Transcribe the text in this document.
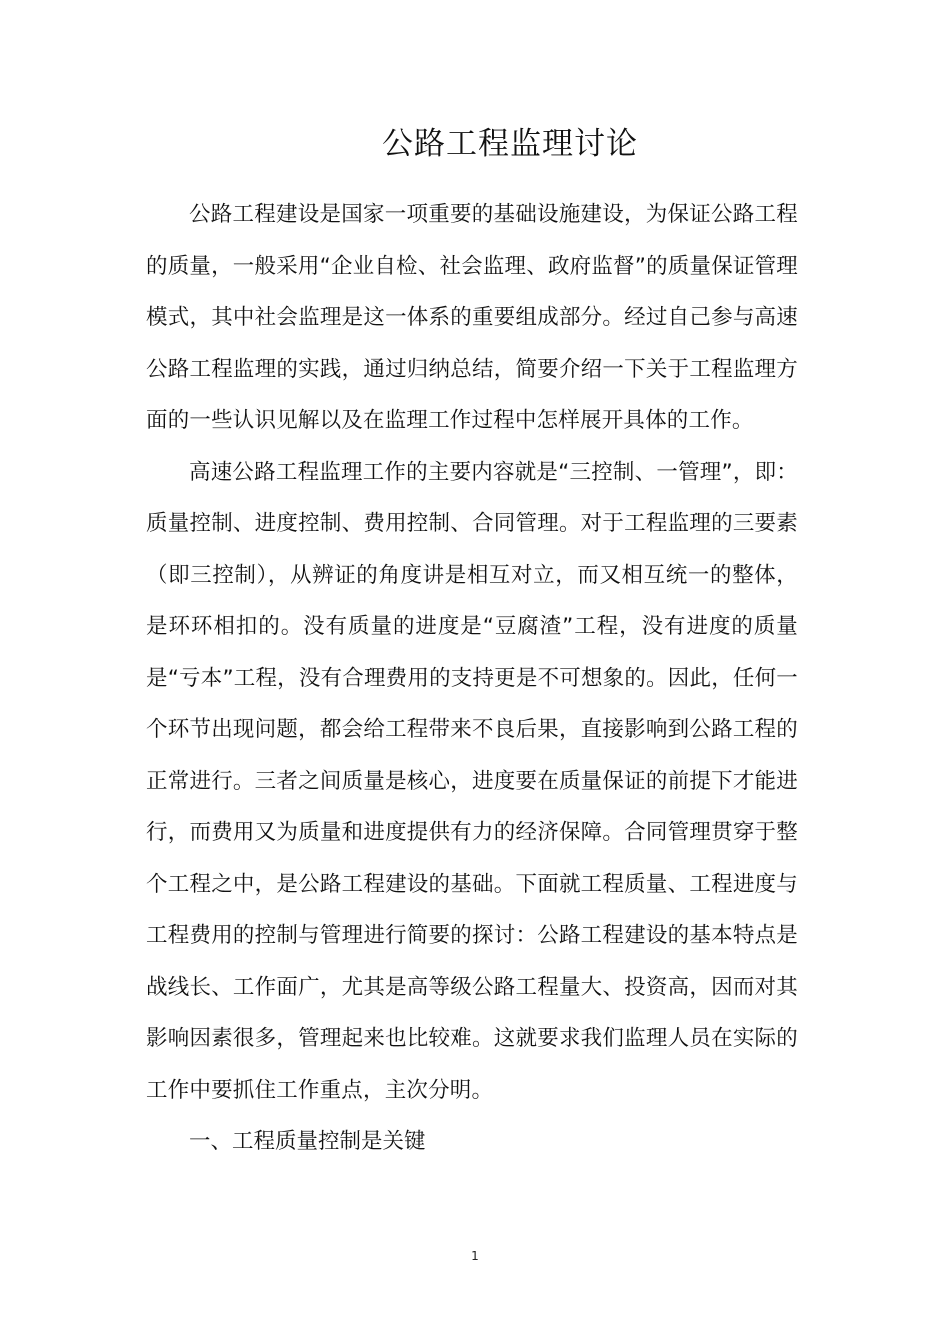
公路工程监理讨论

公路工程建设是国家一项重要的基础设施建设，为保证公路工程的质量，一般采用“企业自检、社会监理、政府监督”的质量保证管理模式，其中社会监理是这一体系的重要组成部分。经过自己参与高速公路工程监理的实践，通过归纳总结，简要介绍一下关于工程监理方面的一些认识见解以及在监理工作过程中怎样展开具体的工作。

高速公路工程监理工作的主要内容就是“三控制、一管理”，即：质量控制、进度控制、费用控制、合同管理。对于工程监理的三要素（即三控制），从辨证的角度讲是相互对立，而又相互统一的整体，是环环相扣的。没有质量的进度是“豆腐渣”工程，没有进度的质量是“亏本”工程，没有合理费用的支持更是不可想象的。因此，任何一个环节出现问题，都会给工程带来不良后果，直接影响到公路工程的正常进行。三者之间质量是核心，进度要在质量保证的前提下才能进行，而费用又为质量和进度提供有力的经济保障。合同管理贯穿于整个工程之中，是公路工程建设的基础。下面就工程质量、工程进度与工程费用的控制与管理进行简要的探讨：公路工程建设的基本特点是战线长、工作面广，尤其是高等级公路工程量大、投资高，因而对其影响因素很多，管理起来也比较难。这就要求我们监理人员在实际的工作中要抓住工作重点，主次分明。

一、工程质量控制是关键

1
